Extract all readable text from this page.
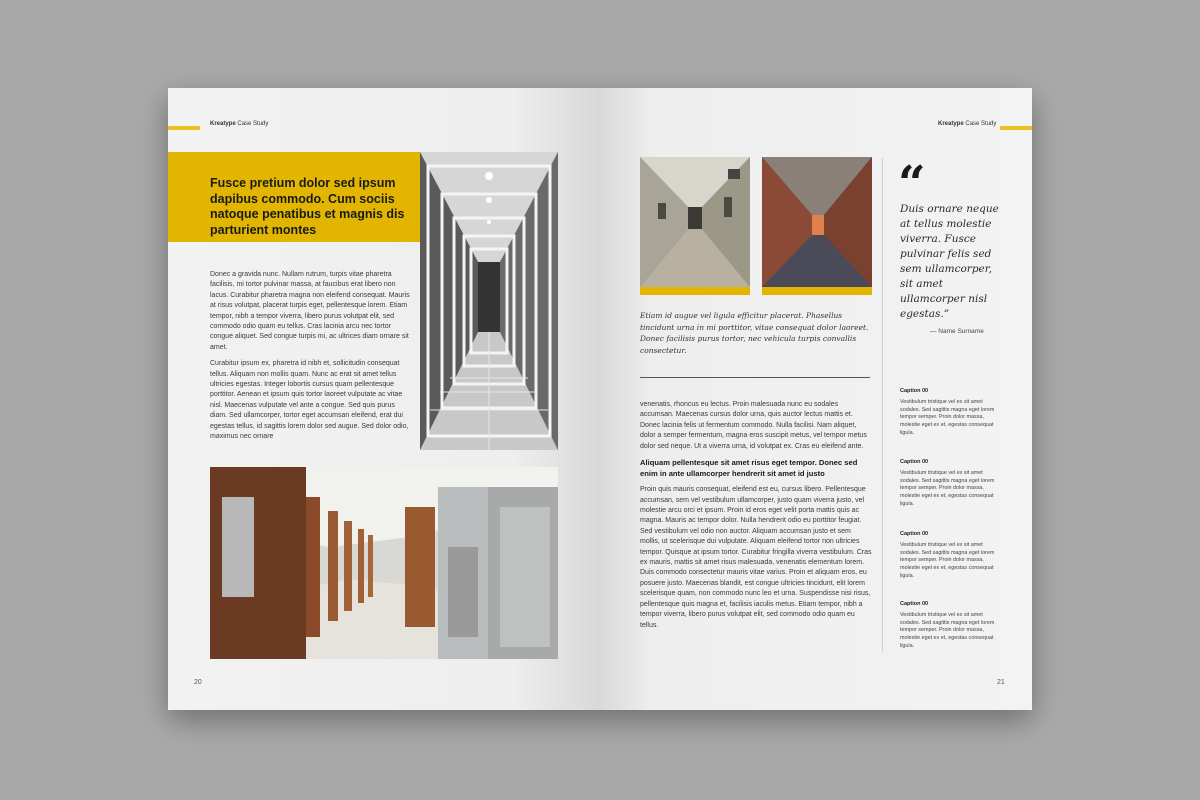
Kreatype Case Study
Fusce pretium dolor sed ipsum dapibus commodo. Cum sociis natoque penatibus et magnis dis parturient montes

Donec a gravida nunc. Nullam rutrum, turpis vitae pharetra facilisis, mi tortor pulvinar massa, at faucibus erat libero non lacus. Curabitur pharetra magna non eleifend consequat. Mauris at risus volutpat, placerat turpis eget, pellentesque lorem. Etiam tempor, nibh a tempor viverra, libero purus volutpat elit, sed commodo odio quam eu tellus. Cras lacinia arcu nec tortor congue aliquet. Sed congue turpis mi, ac ultrices diam ornare sit amet.

Curabitur ipsum ex, pharetra id nibh et, sollicitudin consequat tellus. Aliquam non mollis quam. Nunc ac erat sit amet tellus ultricies egestas. Integer lobortis cursus quam pellentesque porttitor. Aenean et ipsum quis tortor laoreet vulputate ac vitae nisl. Maecenas vulputate vel ante a congue. Sed quis purus diam. Sed ullamcorper, tortor eget accumsan eleifend, erat dui egestas tellus, id sagittis lorem dolor sed augue. Sed dolor odio, maximus nec ornare

20
Kreatype Case Study
Etiam id augue vel ligula efficitur placerat. Phasellus tincidunt urna in mi porttitor, vitae consequat dolor laoreet. Donec facilisis purus tortor, nec vehicula turpis convallis consectetur.

venenatis, rhoncus eu lectus. Proin malesuada nunc eu sodales accumsan. Maecenas cursus dolor urna, quis auctor lectus mattis et. Donec lacinia felis ut fermentum commodo. Nulla facilisi. Nam aliquet, dolor a semper fermentum, magna eros suscipit metus, vel tempor metus dolor sed neque. Ut a viverra urna, id volutpat ex. Cras eu eleifend ante.

Aliquam pellentesque sit amet risus eget tempor. Donec sed enim in ante ullamcorper hendrerit sit amet id justo

Proin quis mauris consequat, eleifend est eu, cursus libero. Pellentesque accumsan, sem vel vestibulum ullamcorper, justo quam viverra justo, vel molestie arcu orci et ipsum. Proin id eros eget velit porta mattis quis ac magna. Mauris ac tempor dolor. Nulla hendrerit odio eu porttitor feugiat. Sed vestibulum vel odio non auctor. Aliquam accumsan justo et sem mollis, ut scelerisque dui vulputate. Aliquam eleifend tortor non ultricies tempor. Quisque at ipsum tortor. Curabitur fringilla viverra vestibulum. Cras ex mauris, mattis sit amet risus malesuada, venenatis elementum lorem. Duis commodo consectetur mauris vitae varius. Proin et aliquam eros, eu posuere justo. Maecenas blandit, est congue ultricies tincidunt, elit lorem scelerisque quam, non commodo nunc leo et urna. Suspendisse nisi risus, pellentesque quis magna et, facilisis iaculis metus. Etiam tempor, nibh a tempor viverra, libero purus volutpat elit, sed commodo odio quam eu tellus.

“
Duis ornare neque at tellus molestie viverra. Fusce pulvinar felis sed sem ullamcorper, sit amet ullamcorper nisl egestas.”
— Name Surname
Caption 00
Vestibulum tristique vel ex sit amet sodales. Sed sagittis magna eget lorem tempor semper. Proin dolor massa, molestie eget ex et, egestas consequat ligula.
Caption 00
Vestibulum tristique vel ex sit amet sodales. Sed sagittis magna eget lorem tempor semper. Proin dolor massa, molestie eget ex et, egestas consequat ligula.
Caption 00
Vestibulum tristique vel ex sit amet sodales. Sed sagittis magna eget lorem tempor semper. Proin dolor massa, molestie eget ex et, egestas consequat ligula.
Caption 00
Vestibulum tristique vel ex sit amet sodales. Sed sagittis magna eget lorem tempor semper. Proin dolor massa, molestie eget ex et, egestas consequat ligula.
21
